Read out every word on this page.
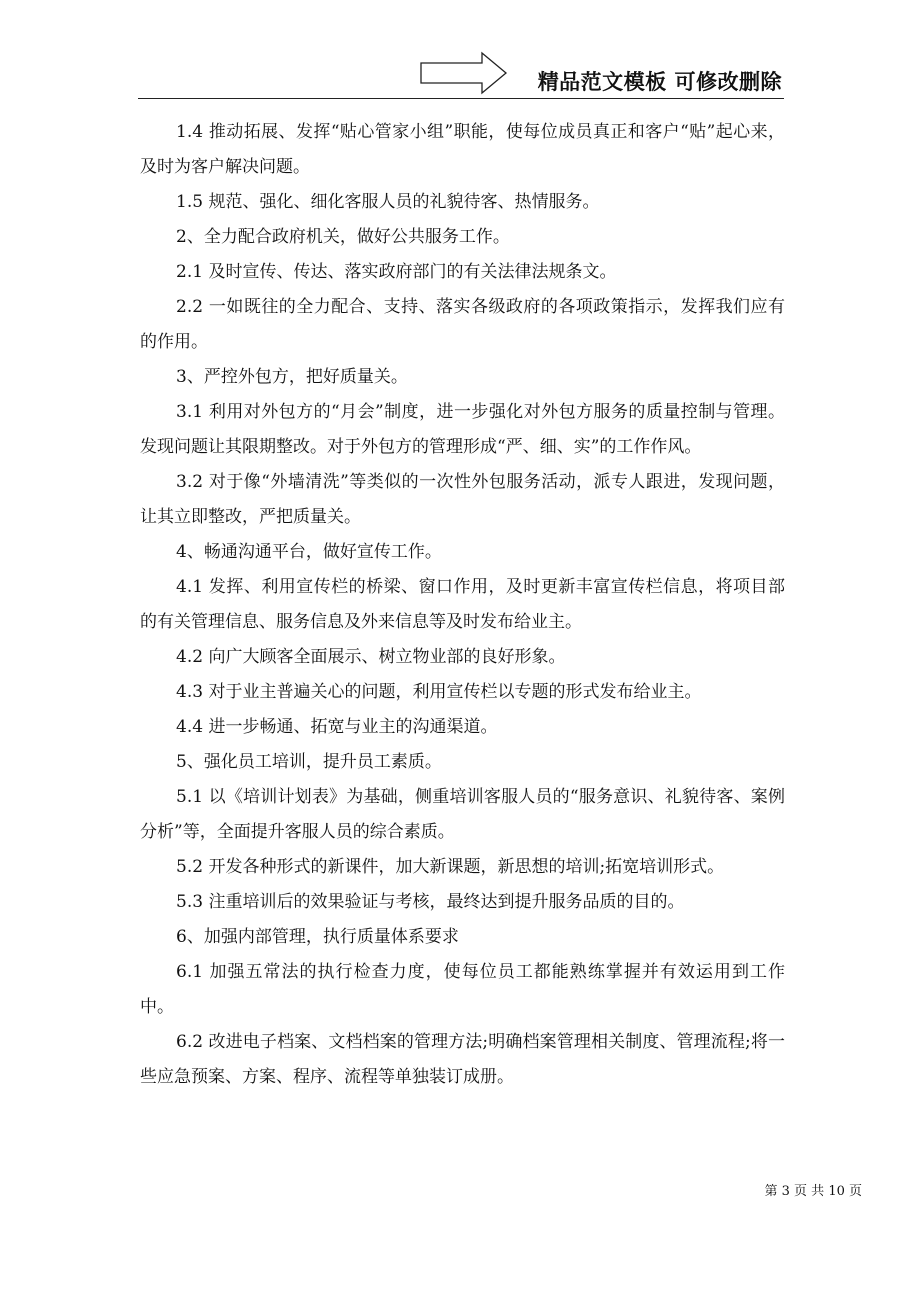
精品范文模板 可修改删除

1.4 推动拓展、发挥“贴心管家小组”职能，使每位成员真正和客户“贴”起心来，及时为客户解决问题。

1.5 规范、强化、细化客服人员的礼貌待客、热情服务。

2、全力配合政府机关，做好公共服务工作。

2.1 及时宣传、传达、落实政府部门的有关法律法规条文。

2.2 一如既往的全力配合、支持、落实各级政府的各项政策指示，发挥我们应有的作用。

3、严控外包方，把好质量关。

3.1 利用对外包方的“月会”制度，进一步强化对外包方服务的质量控制与管理。发现问题让其限期整改。对于外包方的管理形成“严、细、实”的工作作风。

3.2 对于像“外墙清洗”等类似的一次性外包服务活动，派专人跟进，发现问题，让其立即整改，严把质量关。

4、畅通沟通平台，做好宣传工作。

4.1 发挥、利用宣传栏的桥梁、窗口作用，及时更新丰富宣传栏信息，将项目部的有关管理信息、服务信息及外来信息等及时发布给业主。

4.2 向广大顾客全面展示、树立物业部的良好形象。

4.3 对于业主普遍关心的问题，利用宣传栏以专题的形式发布给业主。

4.4 进一步畅通、拓宽与业主的沟通渠道。

5、强化员工培训，提升员工素质。

5.1 以《培训计划表》为基础，侧重培训客服人员的“服务意识、礼貌待客、案例分析”等，全面提升客服人员的综合素质。

5.2 开发各种形式的新课件，加大新课题，新思想的培训;拓宽培训形式。

5.3 注重培训后的效果验证与考核，最终达到提升服务品质的目的。

6、加强内部管理，执行质量体系要求

6.1 加强五常法的执行检查力度，使每位员工都能熟练掌握并有效运用到工作中。

6.2 改进电子档案、文档档案的管理方法;明确档案管理相关制度、管理流程;将一些应急预案、方案、程序、流程等单独装订成册。

第 3 页 共 10 页
